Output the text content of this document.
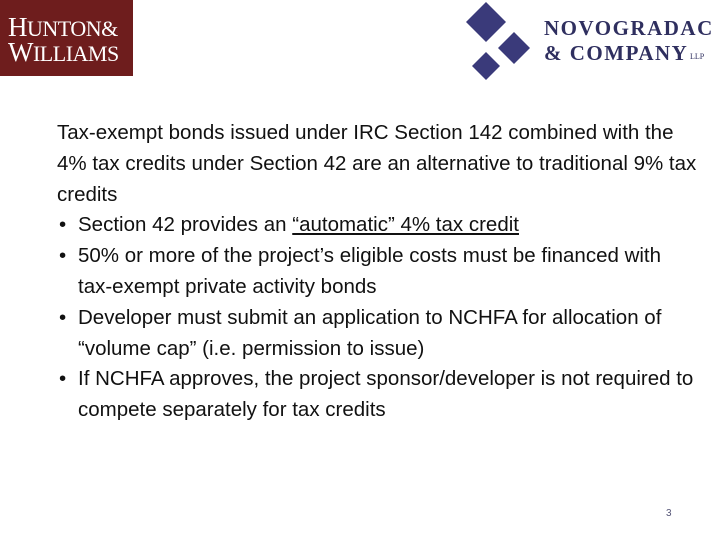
HUNTON&
WILLIAMS
NOVOGRADAC
& COMPANY LLP

Tax-exempt bonds issued under IRC Section 142 combined with the 4% tax credits under Section 42 are an alternative to traditional 9% tax credits

• Section 42 provides an “automatic” 4% tax credit
• 50% or more of the project’s eligible costs must be financed with tax-exempt private activity bonds
• Developer must submit an application to NCHFA for allocation of “volume cap” (i.e. permission to issue)
• If NCHFA approves, the project sponsor/developer is not required to compete separately for tax credits
3
